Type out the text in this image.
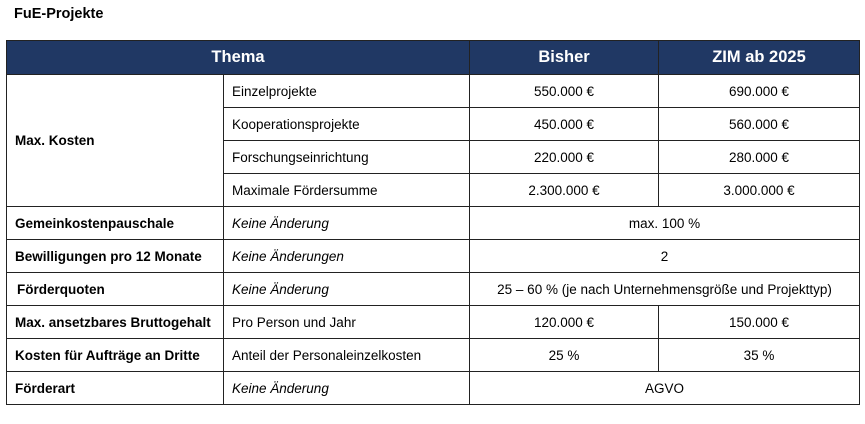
FuE-Projekte
Thema		Bisher	ZIM ab 2025
Max. Kosten	Einzelprojekte	550.000 €	690.000 €
	Kooperationsprojekte	450.000 €	560.000 €
	Forschungseinrichtung	220.000 €	280.000 €
	Maximale Fördersumme	2.300.000 €	3.000.000 €
Gemeinkostenpauschale	Keine Änderung	max. 100 %	
Bewilligungen pro 12 Monate	Keine Änderungen	2	
Förderquoten	Keine Änderung	25 – 60 % (je nach Unternehmensgröße und Projekttyp)	
Max. ansetzbares Bruttogehalt	Pro Person und Jahr	120.000 €	150.000 €
Kosten für Aufträge an Dritte	Anteil der Personaleinzelkosten	25 %	35 %
Förderart	Keine Änderung	AGVO	
